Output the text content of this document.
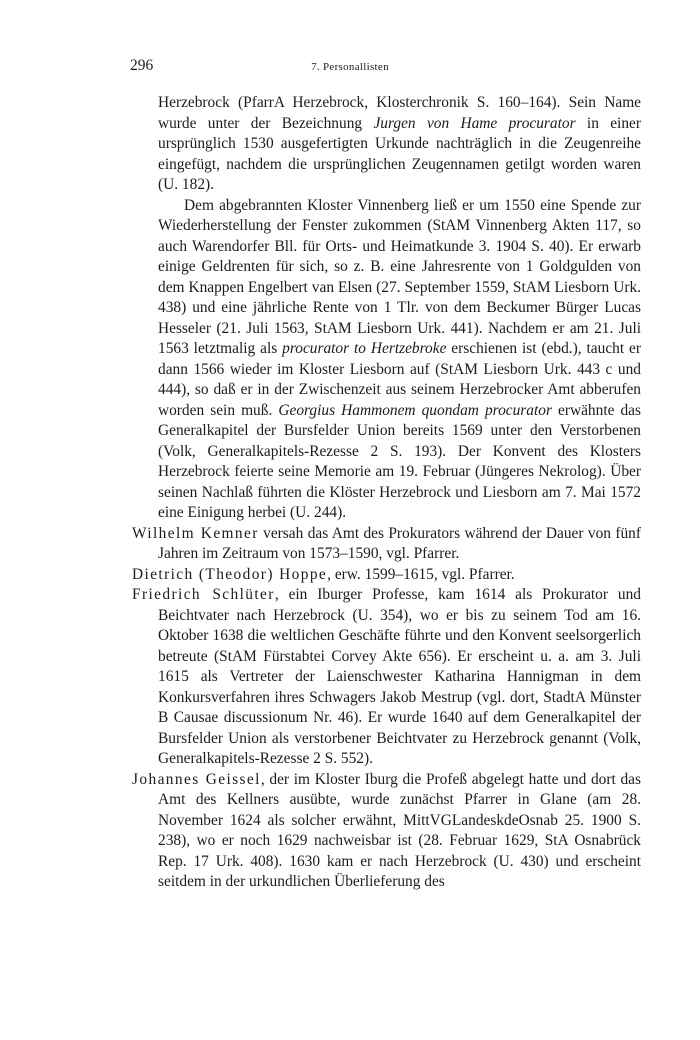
296	7. Personallisten

Herzebrock (PfarrA Herzebrock, Klosterchronik S. 160–164). Sein Name wurde unter der Bezeichnung Jurgen von Hame procurator in einer ursprünglich 1530 ausgefertigten Urkunde nachträglich in die Zeugenreihe eingefügt, nachdem die ursprünglichen Zeugennamen getilgt worden waren (U. 182).

Dem abgebrannten Kloster Vinnenberg ließ er um 1550 eine Spende zur Wiederherstellung der Fenster zukommen (StAM Vinnenberg Akten 117, so auch Warendorfer Bll. für Orts- und Heimatkunde 3. 1904 S. 40). Er erwarb einige Geldrenten für sich, so z. B. eine Jahresrente von 1 Goldgulden von dem Knappen Engelbert van Elsen (27. September 1559, StAM Liesborn Urk. 438) und eine jährliche Rente von 1 Tlr. von dem Beckumer Bürger Lucas Hesseler (21. Juli 1563, StAM Liesborn Urk. 441). Nachdem er am 21. Juli 1563 letztmalig als procurator to Hertzebroke erschienen ist (ebd.), taucht er dann 1566 wieder im Kloster Liesborn auf (StAM Liesborn Urk. 443 c und 444), so daß er in der Zwischenzeit aus seinem Herzebrocker Amt abberufen worden sein muß. Georgius Hammonem quondam procurator erwähnte das Generalkapitel der Bursfelder Union bereits 1569 unter den Verstorbenen (Volk, Generalkapitels-Rezesse 2 S. 193). Der Konvent des Klosters Herzebrock feierte seine Memorie am 19. Februar (Jüngeres Nekrolog). Über seinen Nachlaß führten die Klöster Herzebrock und Liesborn am 7. Mai 1572 eine Einigung herbei (U. 244).

Wilhelm Kemner versah das Amt des Prokurators während der Dauer von fünf Jahren im Zeitraum von 1573–1590, vgl. Pfarrer.

Dietrich (Theodor) Hoppe, erw. 1599–1615, vgl. Pfarrer.

Friedrich Schlüter, ein Iburger Professe, kam 1614 als Prokurator und Beichtvater nach Herzebrock (U. 354), wo er bis zu seinem Tod am 16. Oktober 1638 die weltlichen Geschäfte führte und den Konvent seelsorgerlich betreute (StAM Fürstabtei Corvey Akte 656). Er erscheint u. a. am 3. Juli 1615 als Vertreter der Laienschwester Katharina Hannigman in dem Konkursverfahren ihres Schwagers Jakob Mestrup (vgl. dort, StadtA Münster B Causae discussionum Nr. 46). Er wurde 1640 auf dem Generalkapitel der Bursfelder Union als verstorbener Beichtvater zu Herzebrock genannt (Volk, Generalkapitels-Rezesse 2 S. 552).

Johannes Geissel, der im Kloster Iburg die Profeß abgelegt hatte und dort das Amt des Kellners ausübte, wurde zunächst Pfarrer in Glane (am 28. November 1624 als solcher erwähnt, MittVGLandeskdeOsnab 25. 1900 S. 238), wo er noch 1629 nachweisbar ist (28. Februar 1629, StA Osnabrück Rep. 17 Urk. 408). 1630 kam er nach Herzebrock (U. 430) und erscheint seitdem in der urkundlichen Überlieferung des
